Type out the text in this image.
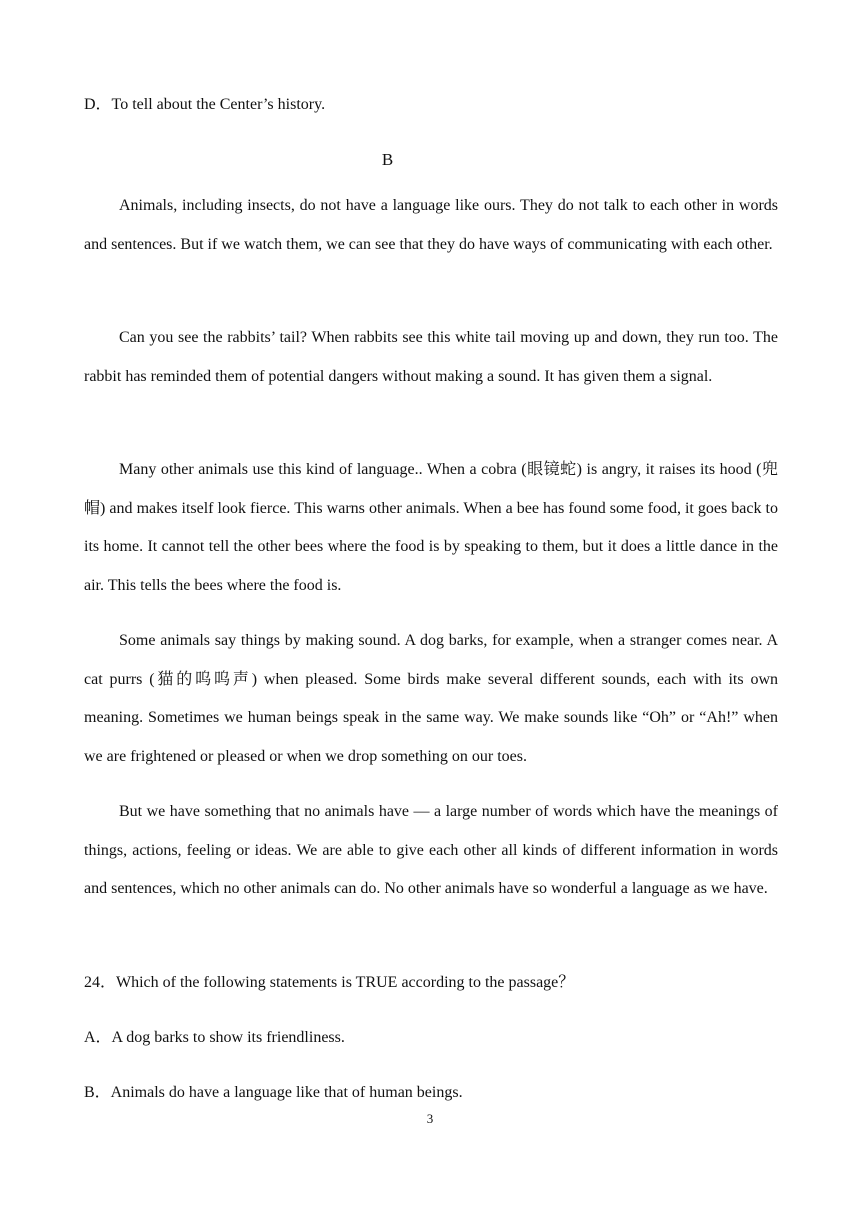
D．To tell about the Center’s history.
B
Animals, including insects, do not have a language like ours. They do not talk to each other in words and sentences. But if we watch them, we can see that they do have ways of communicating with each other.
Can you see the rabbits’ tail? When rabbits see this white tail moving up and down, they run too. The rabbit has reminded them of potential dangers without making a sound. It has given them a signal.
Many other animals use this kind of language.. When a cobra (眼镜蛇) is angry, it raises its hood (兜帽) and makes itself look fierce. This warns other animals. When a bee has found some food, it goes back to its home. It cannot tell the other bees where the food is by speaking to them, but it does a little dance in the air. This tells the bees where the food is.
Some animals say things by making sound. A dog barks, for example, when a stranger comes near. A cat purrs (猫的呜呜声) when pleased. Some birds make several different sounds, each with its own meaning. Sometimes we human beings speak in the same way. We make sounds like “Oh” or “Ah!” when we are frightened or pleased or when we drop something on our toes.
But we have something that no animals have — a large number of words which have the meanings of things, actions, feeling or ideas. We are able to give each other all kinds of different information in words and sentences, which no other animals can do. No other animals have so wonderful a language as we have.
24．Which of the following statements is TRUE according to the passage？
A．A dog barks to show its friendliness.
B．Animals do have a language like that of human beings.
3
